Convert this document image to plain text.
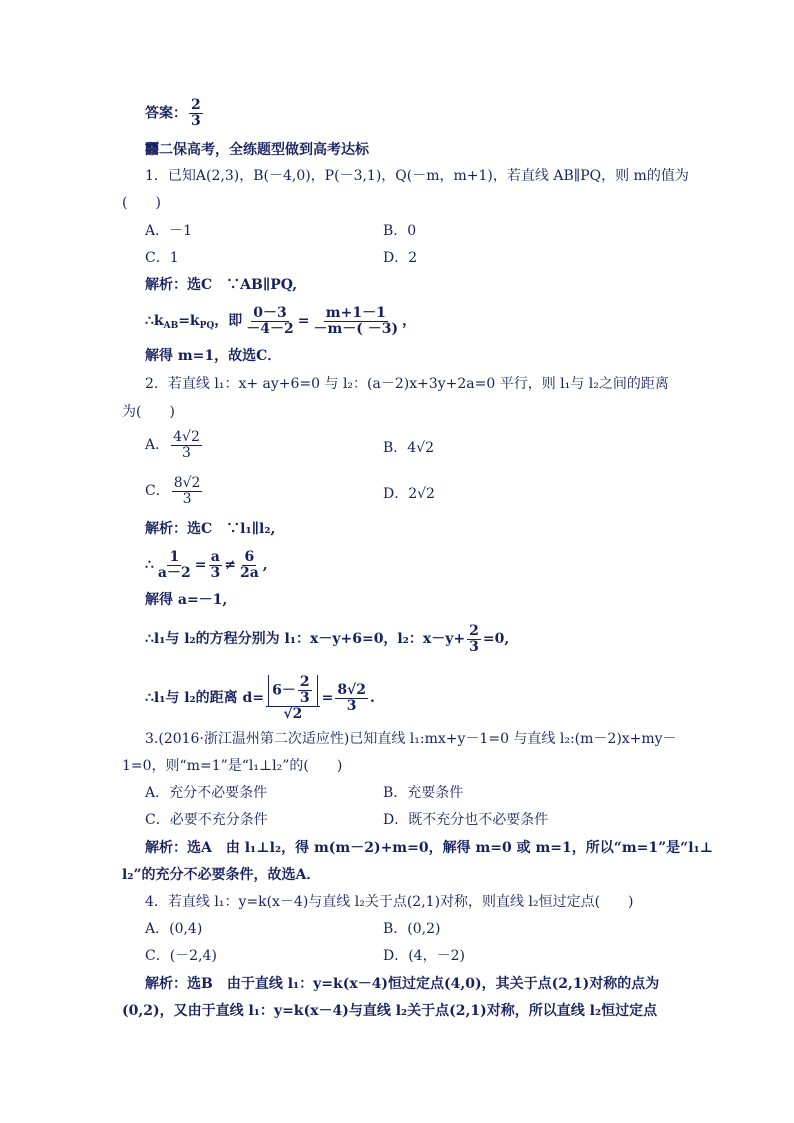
答案： $\frac{2}{3}$
䨻二保高考，全练题型做到高考达标
1．已知A(2,3)，B(－4,0)，P(－3,1)，Q(－m，m+1)，若直线 AB∥PQ，则 m的值为
(　　)
A．－1	B．0
C．1	D．2
解析：选C　∵AB∥PQ,
$\therefore k_{AB}=k_{PQ}$，即 $\frac{0-3}{-4-2} = \frac{m+1-1}{-m-( -3)}$ ，
解得 m=1，故选C．
2．若直线 l₁：x+ ay+6=0 与 l₂：(a－2)x+3y+2a=0 平行，则 l₁与 l₂之间的距离
为(　　)
A． $\frac{4√2}{3}$	B．4√2
C． $\frac{8√2}{3}$	D．2√2
解析：选C　∵l₁∥l₂,
∴ $\frac{1}{a-2} = \frac{a}{3} \ne \frac{6}{2a}$ ,
解得 a=－1,
∴l₁与 l₂的方程分别为 l₁：x－y+6=0，l₂：$x-y+ \frac{2}{3} =0$,
∴l₁与 l₂的距离 $d= \frac{6- \frac{2}{3}}{√2} = \frac{8√2}{3}$ .
3.(2016·浙江温州第二次适应性)已知直线 l₁:mx+y－1=0 与直线 l₂:(m－2)x+my－
1=0，则“m=1”是“l₁⊥l₂”的(　　)
A．充分不必要条件	B．充要条件
C．必要不充分条件	D．既不充分也不必要条件
解析：选A　由 l₁⊥l₂，得 m(m－2)+m=0，解得 m=0 或 m=1，所以“m=1”是“l₁⊥
l₂”的充分不必要条件，故选A．
4．若直线 l₁：y=k(x－4)与直线 l₂关于点(2,1)对称，则直线 l₂恒过定点(　　)
A．(0,4)	B．(0,2)
C．(－2,4)	D．(4，－2)
解析：选B　由于直线 l₁：y=k(x－4)恒过定点(4,0)，其关于点(2,1)对称的点为
(0,2)，又由于直线 l₁：y=k(x－4)与直线 l₂关于点(2,1)对称，所以直线 l₂恒过定点
